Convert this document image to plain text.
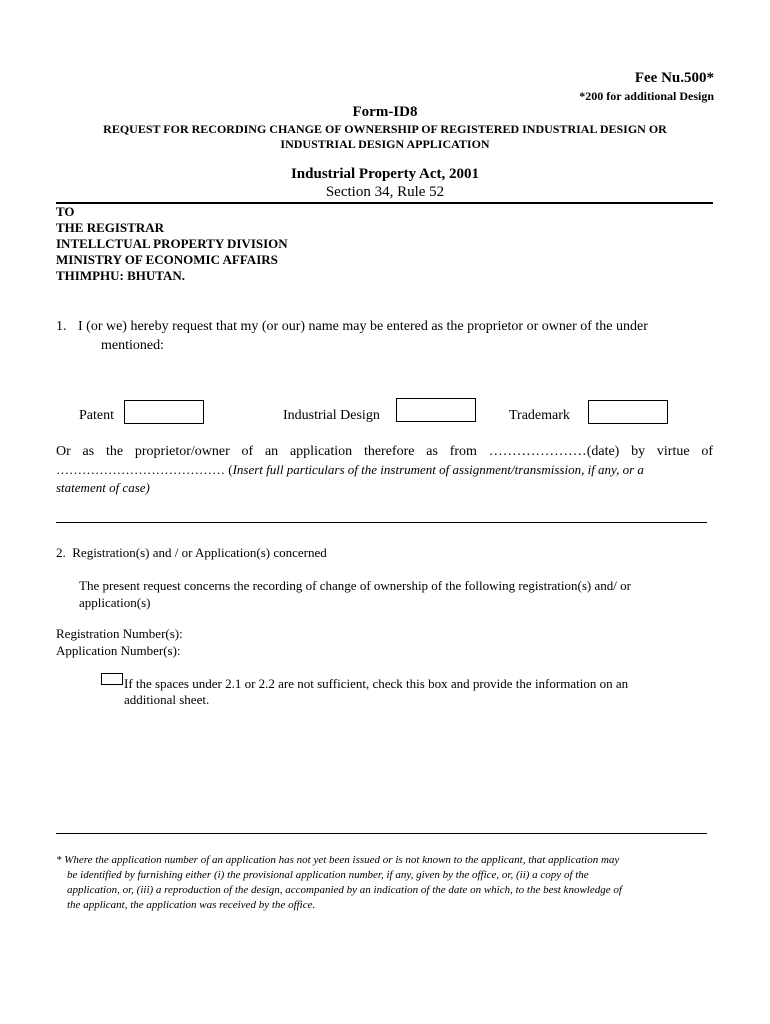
Fee Nu.500*
*200 for additional Design
Form-ID8
REQUEST FOR RECORDING CHANGE OF OWNERSHIP OF REGISTERED INDUSTRIAL DESIGN OR
INDUSTRIAL DESIGN APPLICATION
Industrial Property Act, 2001
Section 34, Rule 52
TO
THE REGISTRAR
INTELLCTUAL PROPERTY DIVISION
MINISTRY OF ECONOMIC AFFAIRS
THIMPHU: BHUTAN.
1. I (or we) hereby request that my (or our) name may be entered as the proprietor or owner of the under
mentioned:
Patent	Industrial Design	Trademark
Or as the proprietor/owner of an application therefore as from …………………(date) by virtue of
………………………………… (Insert full particulars of the instrument of assignment/transmission, if any, or a
statement of case)
2.  Registration(s) and / or Application(s) concerned
The present request concerns the recording of change of ownership of the following registration(s) and/ or
application(s)
Registration Number(s):
Application Number(s):
If the spaces under 2.1 or 2.2 are not sufficient, check this box and provide the information on an
additional sheet.
* Where the application number of an application has not yet been issued or is not known to the applicant, that application may
be identified by furnishing either (i) the provisional application number, if any, given by the office, or, (ii) a copy of the
application, or, (iii) a reproduction of the design, accompanied by an indication of the date on which, to the best knowledge of
the applicant, the application was received by the office.
